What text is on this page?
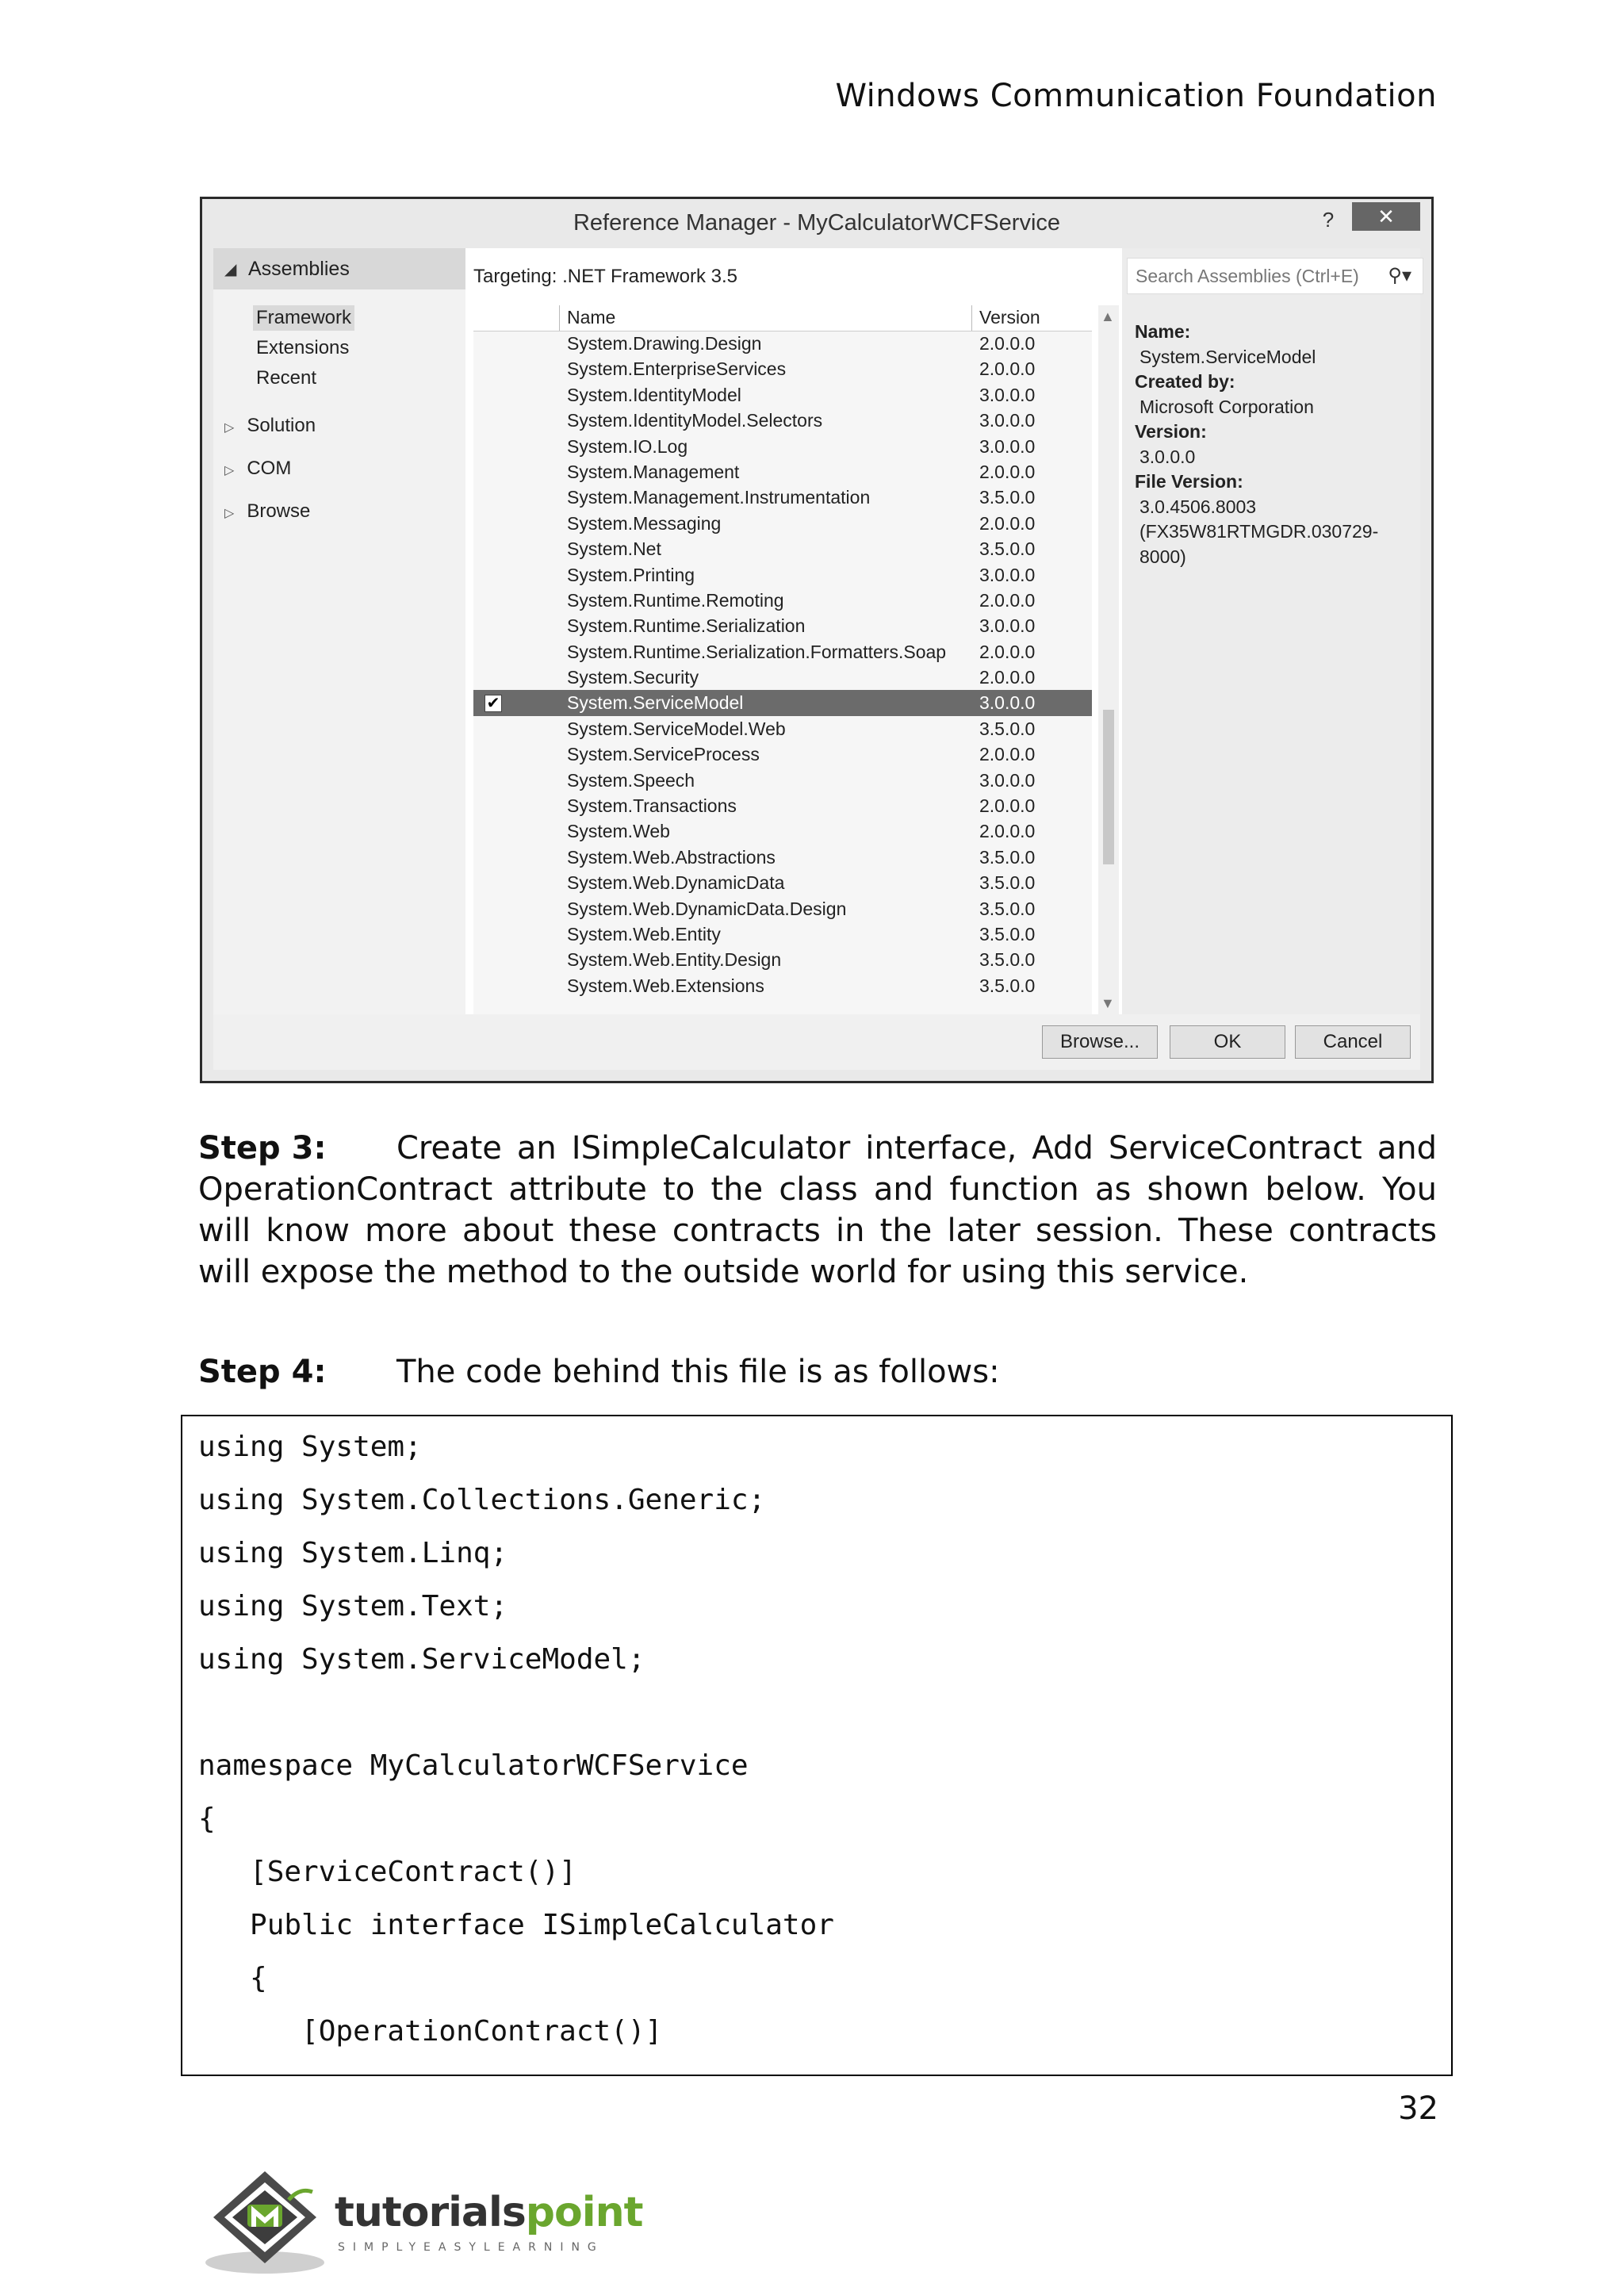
Windows Communication Foundation
Reference Manager - MyCalculatorWCFService	?	✕
◢ Assemblies
Framework
Extensions
Recent
▷ Solution
▷ COM
▷ Browse
Targeting: .NET Framework 3.5
Name	Version
System.Drawing.Design	2.0.0.0
System.EnterpriseServices	2.0.0.0
System.IdentityModel	3.0.0.0
System.IdentityModel.Selectors	3.0.0.0
System.IO.Log	3.0.0.0
System.Management	2.0.0.0
System.Management.Instrumentation	3.5.0.0
System.Messaging	2.0.0.0
System.Net	3.5.0.0
System.Printing	3.0.0.0
System.Runtime.Remoting	2.0.0.0
System.Runtime.Serialization	3.0.0.0
System.Runtime.Serialization.Formatters.Soap 2.0.0.0
System.Security	2.0.0.0
✔	System.ServiceModel	3.0.0.0
System.ServiceModel.Web	3.5.0.0
System.ServiceProcess	2.0.0.0
System.Speech	3.0.0.0
System.Transactions	2.0.0.0
System.Web	2.0.0.0
System.Web.Abstractions	3.5.0.0
System.Web.DynamicData	3.5.0.0
System.Web.DynamicData.Design	3.5.0.0
System.Web.Entity	3.5.0.0
System.Web.Entity.Design	3.5.0.0
System.Web.Extensions	3.5.0.0
▲
▼
Search Assemblies (Ctrl+E) ⚲▾
Name:
System.ServiceModel
Created by:
Microsoft Corporation
Version:
3.0.0.0
File Version:
3.0.4506.8003
(FX35W81RTMGDR.030729-8000)
Browse...	OK	Cancel
Step 3: Create an ISimpleCalculator interface, Add ServiceContract and OperationContract attribute to the class and function as shown below. You will know more about these contracts in the later session. These contracts will expose the method to the outside world for using this service.
Step 4: The code behind this file is as follows:
using System;
using System.Collections.Generic;
using System.Linq;
using System.Text;
using System.ServiceModel;
namespace MyCalculatorWCFService
{
[ServiceContract()]
Public interface ISimpleCalculator
{
[OperationContract()]
32
tutorialspoint
SIMPLYEASYLEARNING
